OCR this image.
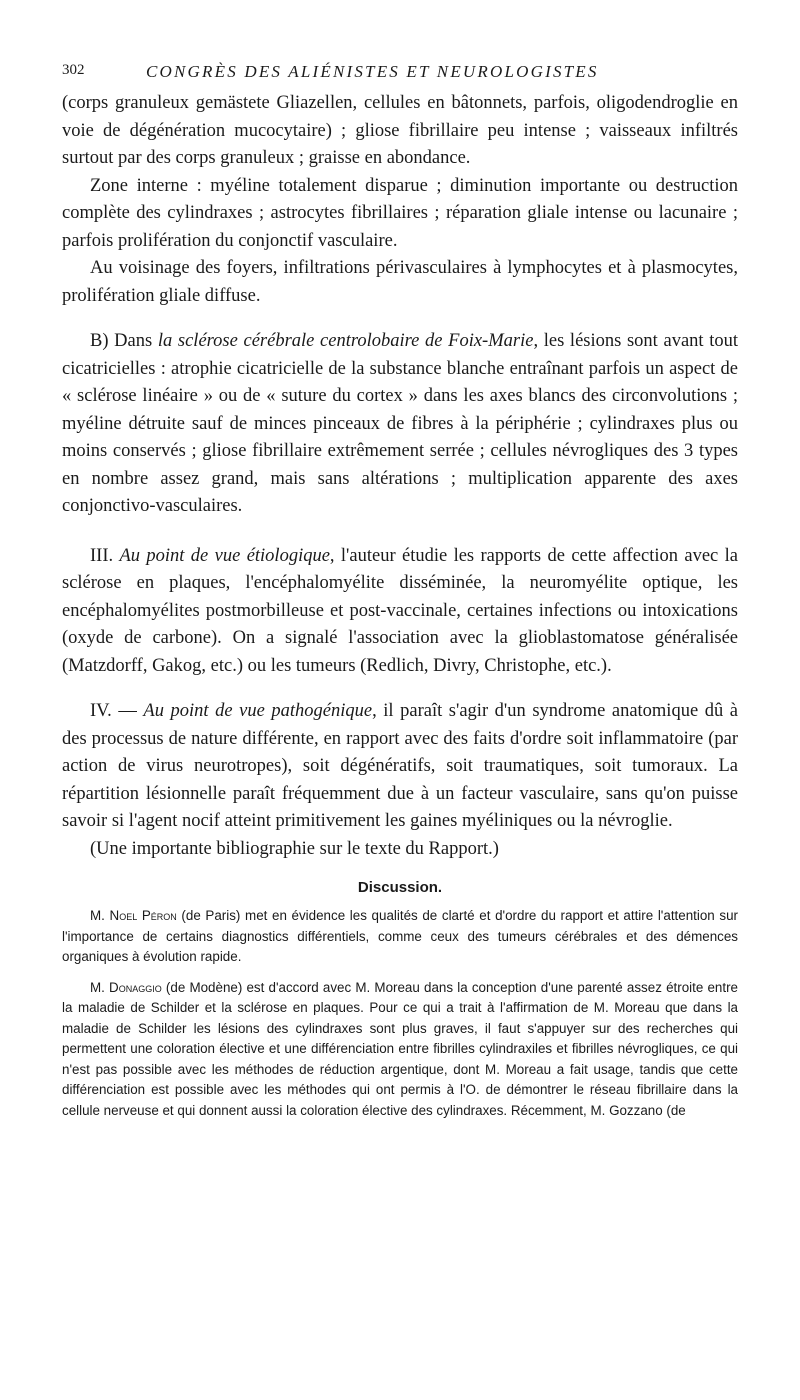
302	CONGRÈS DES ALIÉNISTES ET NEUROLOGISTES

(corps granuleux gemästete Gliazellen, cellules en bâtonnets, parfois, oligodendroglie en voie de dégénération mucocytaire) ; gliose fibrillaire peu intense ; vaisseaux infiltrés surtout par des corps granuleux ; graisse en abondance.

Zone interne : myéline totalement disparue ; diminution importante ou destruction complète des cylindraxes ; astrocytes fibrillaires ; réparation gliale intense ou lacunaire ; parfois prolifération du conjonctif vasculaire.

Au voisinage des foyers, infiltrations périvasculaires à lymphocytes et à plasmocytes, prolifération gliale diffuse.

B) Dans la sclérose cérébrale centrolobaire de Foix-Marie, les lésions sont avant tout cicatricielles : atrophie cicatricielle de la substance blanche entraînant parfois un aspect de « sclérose linéaire » ou de « suture du cortex » dans les axes blancs des circonvolutions ; myéline détruite sauf de minces pinceaux de fibres à la périphérie ; cylindraxes plus ou moins conservés ; gliose fibrillaire extrêmement serrée ; cellules névrogliques des 3 types en nombre assez grand, mais sans altérations ; multiplication apparente des axes conjonctivo-vasculaires.

III. Au point de vue étiologique, l'auteur étudie les rapports de cette affection avec la sclérose en plaques, l'encéphalomyélite disséminée, la neuromyélite optique, les encéphalomyélites postmorbilleuse et post-vaccinale, certaines infections ou intoxications (oxyde de carbone). On a signalé l'association avec la glioblastomatose généralisée (Matzdorff, Gakog, etc.) ou les tumeurs (Redlich, Divry, Christophe, etc.).

IV. — Au point de vue pathogénique, il paraît s'agir d'un syndrome anatomique dû à des processus de nature différente, en rapport avec des faits d'ordre soit inflammatoire (par action de virus neurotropes), soit dégénératifs, soit traumatiques, soit tumoraux. La répartition lésionnelle paraît fréquemment due à un facteur vasculaire, sans qu'on puisse savoir si l'agent nocif atteint primitivement les gaines myéliniques ou la névroglie.

(Une importante bibliographie sur le texte du Rapport.)

Discussion.

M. Noel Péron (de Paris) met en évidence les qualités de clarté et d'ordre du rapport et attire l'attention sur l'importance de certains diagnostics différentiels, comme ceux des tumeurs cérébrales et des démences organiques à évolution rapide.

M. Donaggio (de Modène) est d'accord avec M. Moreau dans la conception d'une parenté assez étroite entre la maladie de Schilder et la sclérose en plaques. Pour ce qui a trait à l'affirmation de M. Moreau que dans la maladie de Schilder les lésions des cylindraxes sont plus graves, il faut s'appuyer sur des recherches qui permettent une coloration élective et une différenciation entre fibrilles cylindraxiles et fibrilles névrogliques, ce qui n'est pas possible avec les méthodes de réduction argentique, dont M. Moreau a fait usage, tandis que cette différenciation est possible avec les méthodes qui ont permis à l'O. de démontrer le réseau fibrillaire dans la cellule nerveuse et qui donnent aussi la coloration élective des cylindraxes. Récemment, M. Gozzano (de
